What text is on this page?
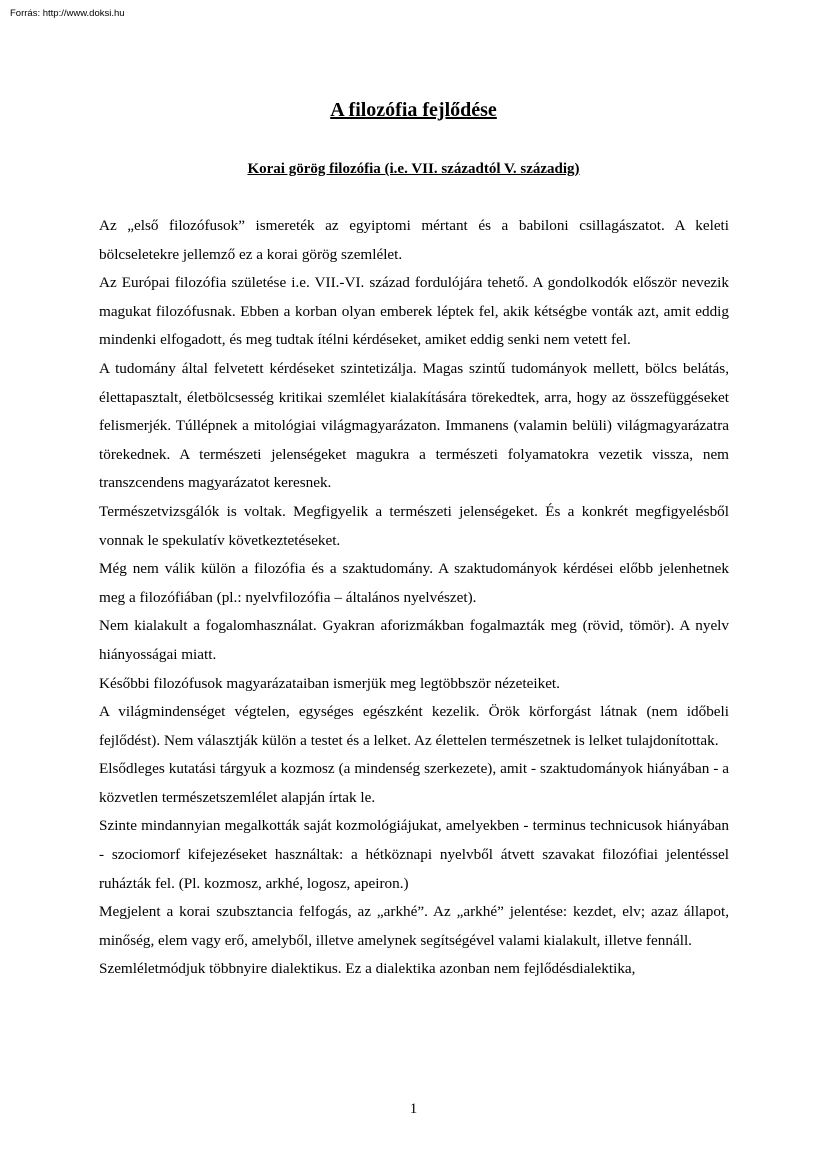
Forrás: http://www.doksi.hu
A filozófia fejlődése
Korai görög filozófia (i.e. VII. századtól V. századig)

Az „első filozófusok” ismereték az egyiptomi mértant és a babiloni csillagászatot. A keleti bölcseletekre jellemző ez a korai görög szemlélet.

Az Európai filozófia születése i.e. VII.-VI. század fordulójára tehető. A gondolkodók először nevezik magukat filozófusnak. Ebben a korban olyan emberek léptek fel, akik kétségbe vonták azt, amit eddig mindenki elfogadott, és meg tudtak ítélni kérdéseket, amiket eddig senki nem vetett fel.

A tudomány által felvetett kérdéseket szintetizálja. Magas szintű tudományok mellett, bölcs belátás, élettapasztalt, életbölcsesség kritikai szemlélet kialakítására törekedtek, arra, hogy az összefüggéseket felismerjék. Túllépnek a mitológiai világmagyarázaton. Immanens (valamin belüli) világmagyarázatra törekednek. A természeti jelenségeket magukra a természeti folyamatokra vezetik vissza, nem transzcendens magyarázatot keresnek.

Természetvizsgálók is voltak. Megfigyelik a természeti jelenségeket. És a konkrét megfigyelésből vonnak le spekulatív következtetéseket.

Még nem válik külön a filozófia és a szaktudomány. A szaktudományok kérdései előbb jelenhetnek meg a filozófiában (pl.: nyelvfilozófia – általános nyelvészet).

Nem kialakult a fogalomhasználat. Gyakran aforizmákban fogalmazták meg (rövid, tömör). A nyelv hiányosságai miatt.

Későbbi filozófusok magyarázataiban ismerjük meg legtöbbször nézeteiket.

A világmindenséget végtelen, egységes egészként kezelik. Örök körforgást látnak (nem időbeli fejlődést). Nem választják külön a testet és a lelket. Az élettelen természetnek is lelket tulajdonítottak.

Elsődleges kutatási tárgyuk a kozmosz (a mindenség szerkezete), amit - szaktudományok hiányában - a közvetlen természetszemlélet alapján írtak le.

Szinte mindannyian megalkották saját kozmológiájukat, amelyekben - terminus technicusok hiányában - szociomorf kifejezéseket használtak: a hétköznapi nyelvből átvett szavakat filozófiai jelentéssel ruházták fel. (Pl. kozmosz, arkhé, logosz, apeiron.)

Megjelent a korai szubsztancia felfogás, az „arkhé”. Az „arkhé” jelentése: kezdet, elv; azaz állapot, minőség, elem vagy erő, amelyből, illetve amelynek segítségével valami kialakult, illetve fennáll.

Szemléletmódjuk többnyire dialektikus. Ez a dialektika azonban nem fejlődésdialektika,

1
